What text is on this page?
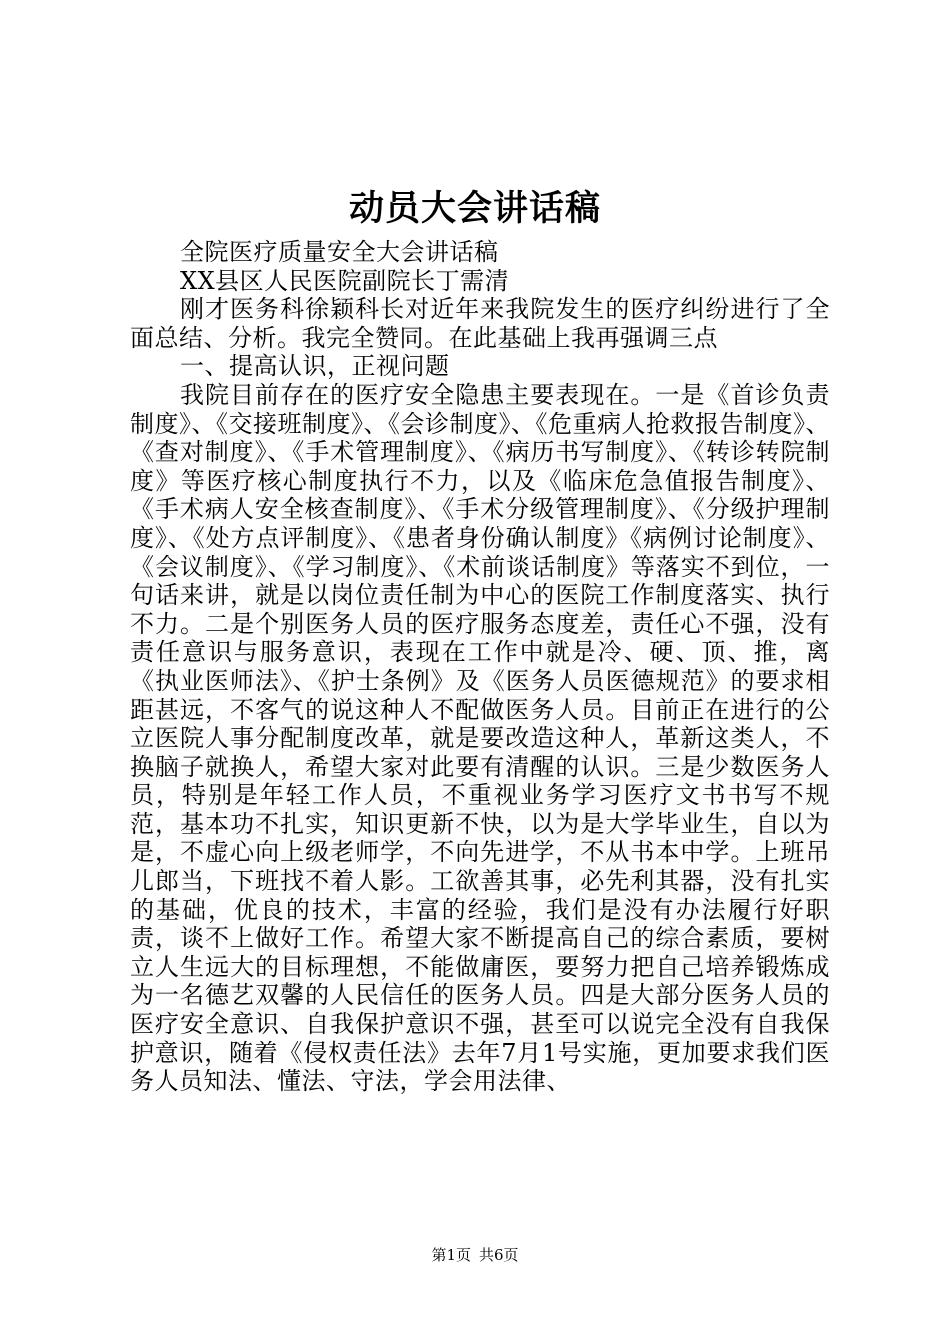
动员大会讲话稿

全院医疗质量安全大会讲话稿

XX县区人民医院副院长丁需清

刚才医务科徐颖科长对近年来我院发生的医疗纠纷进行了全面总结、分析。我完全赞同。在此基础上我再强调三点

一、提高认识，正视问题

我院目前存在的医疗安全隐患主要表现在。一是《首诊负责制度》、《交接班制度》、《会诊制度》、《危重病人抢救报告制度》、《查对制度》、《手术管理制度》、《病历书写制度》、《转诊转院制度》等医疗核心制度执行不力，以及《临床危急值报告制度》、《手术病人安全核查制度》、《手术分级管理制度》、《分级护理制度》、《处方点评制度》、《患者身份确认制度》《病例讨论制度》、《会议制度》、《学习制度》、《术前谈话制度》等落实不到位，一句话来讲，就是以岗位责任制为中心的医院工作制度落实、执行不力。二是个别医务人员的医疗服务态度差，责任心不强，没有责任意识与服务意识，表现在工作中就是冷、硬、顶、推，离《执业医师法》、《护士条例》及《医务人员医德规范》的要求相距甚远，不客气的说这种人不配做医务人员。目前正在进行的公立医院人事分配制度改革，就是要改造这种人，革新这类人，不换脑子就换人，希望大家对此要有清醒的认识。三是少数医务人员，特别是年轻工作人员，不重视业务学习医疗文书书写不规范，基本功不扎实，知识更新不快，以为是大学毕业生，自以为是，不虚心向上级老师学，不向先进学，不从书本中学。上班吊儿郎当，下班找不着人影。工欲善其事，必先利其器，没有扎实的基础，优良的技术，丰富的经验，我们是没有办法履行好职责，谈不上做好工作。希望大家不断提高自己的综合素质，要树立人生远大的目标理想，不能做庸医，要努力把自己培养锻炼成为一名德艺双馨的人民信任的医务人员。四是大部分医务人员的医疗安全意识、自我保护意识不强，甚至可以说完全没有自我保护意识，随着《侵权责任法》去年7月1号实施，更加要求我们医务人员知法、懂法、守法，学会用法律、

第1页 共6页
